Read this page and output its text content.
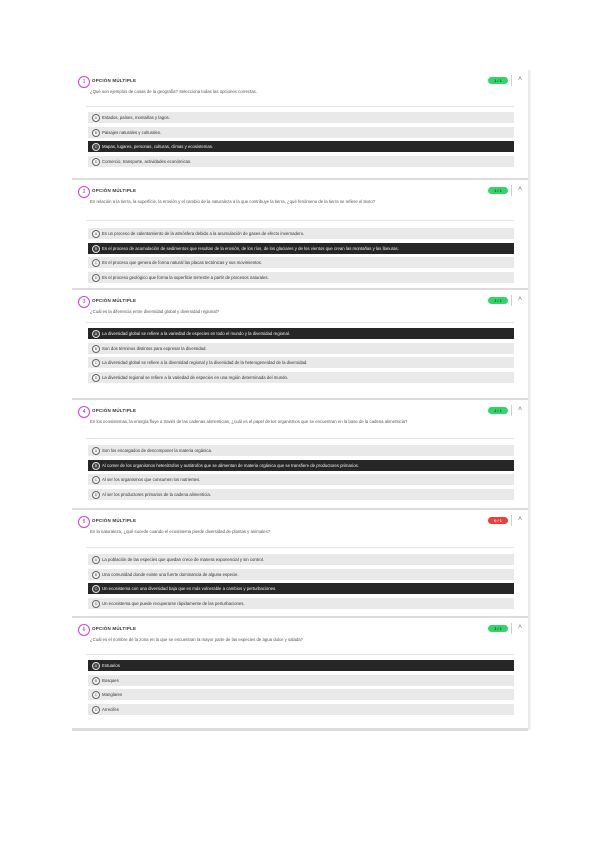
1	OPCIÓN MÚLTIPLE	1 / 1	˄
¿Qué son ejemplos de cosas de la geografía? Selecciona todas las opciones correctas.
A	Estados, países, montañas y lagos.
B	Paisajes naturales y culturales.
C	Mapas, lugares, personas, culturas, climas y ecosistemas.
D	Comercio, transporte, actividades económicas.
2	OPCIÓN MÚLTIPLE	1 / 1	˄
En relación a la tierra, la superficie, la erosión y el cambio de la naturaleza a la que contribuye la tierra, ¿qué fenómeno de la tierra se refiere el texto?
A	Es un proceso de calentamiento de la atmósfera debido a la acumulación de gases de efecto invernadero.
B	Es el proceso de acumulación de sedimentos que resultan de la erosión, de los ríos, de los glaciares y de los vientos que crean las montañas y las llanuras.
C	Es el proceso que genera de forma natural las placas tectónicas y sus movimientos.
D	Es el proceso geológico que forma la superficie terrestre a partir de procesos naturales.
3	OPCIÓN MÚLTIPLE	1 / 1	˄
¿Cuál es la diferencia entre diversidad global y diversidad regional?
A	La diversidad global se refiere a la variedad de especies en todo el mundo y la diversidad regional.
B	Son dos términos distintos para expresar la diversidad.
C	La diversidad global se refiere a la diversidad regional y la diversidad de la heterogeneidad de la diversidad.
D	La diversidad regional se refiere a la variedad de especies en una región determinada del mundo.
4	OPCIÓN MÚLTIPLE	1 / 1	˄
En los ecosistemas, la energía fluye a través de las cadenas alimenticias, ¿cuál es el papel de los organismos que se encuentran en la base de la cadena alimenticia?
A	Son los encargados de descomponer la materia orgánica.
B	Al comer de los organismos heterótrofos y autótrofos que se alimentan de materia orgánica que se transfiere de productores primarios.
C	Al ser los organismos que consumen los nutrientes.
D	Al ser los productores primarios de la cadena alimenticia.
5	OPCIÓN MÚLTIPLE	0 / 1	˄
En la naturaleza, ¿qué sucede cuando el ecosistema pierde diversidad de plantas y animales?
A	La población de las especies que quedan crece de manera exponencial y sin control.
B	Una comunidad donde existe una fuerte dominancia de alguna especie.
C	Un ecosistema con una diversidad baja que es más vulnerable a cambios y perturbaciones.
D	Un ecosistema que puede recuperarse rápidamente de las perturbaciones.
6	OPCIÓN MÚLTIPLE	1 / 1	˄
¿Cuál es el nombre de la zona en la que se encuentran la mayor parte de las especies de agua dulce y salada?
A	Estuarios
B	Bosques
C	Manglares
D	Arrecifes
